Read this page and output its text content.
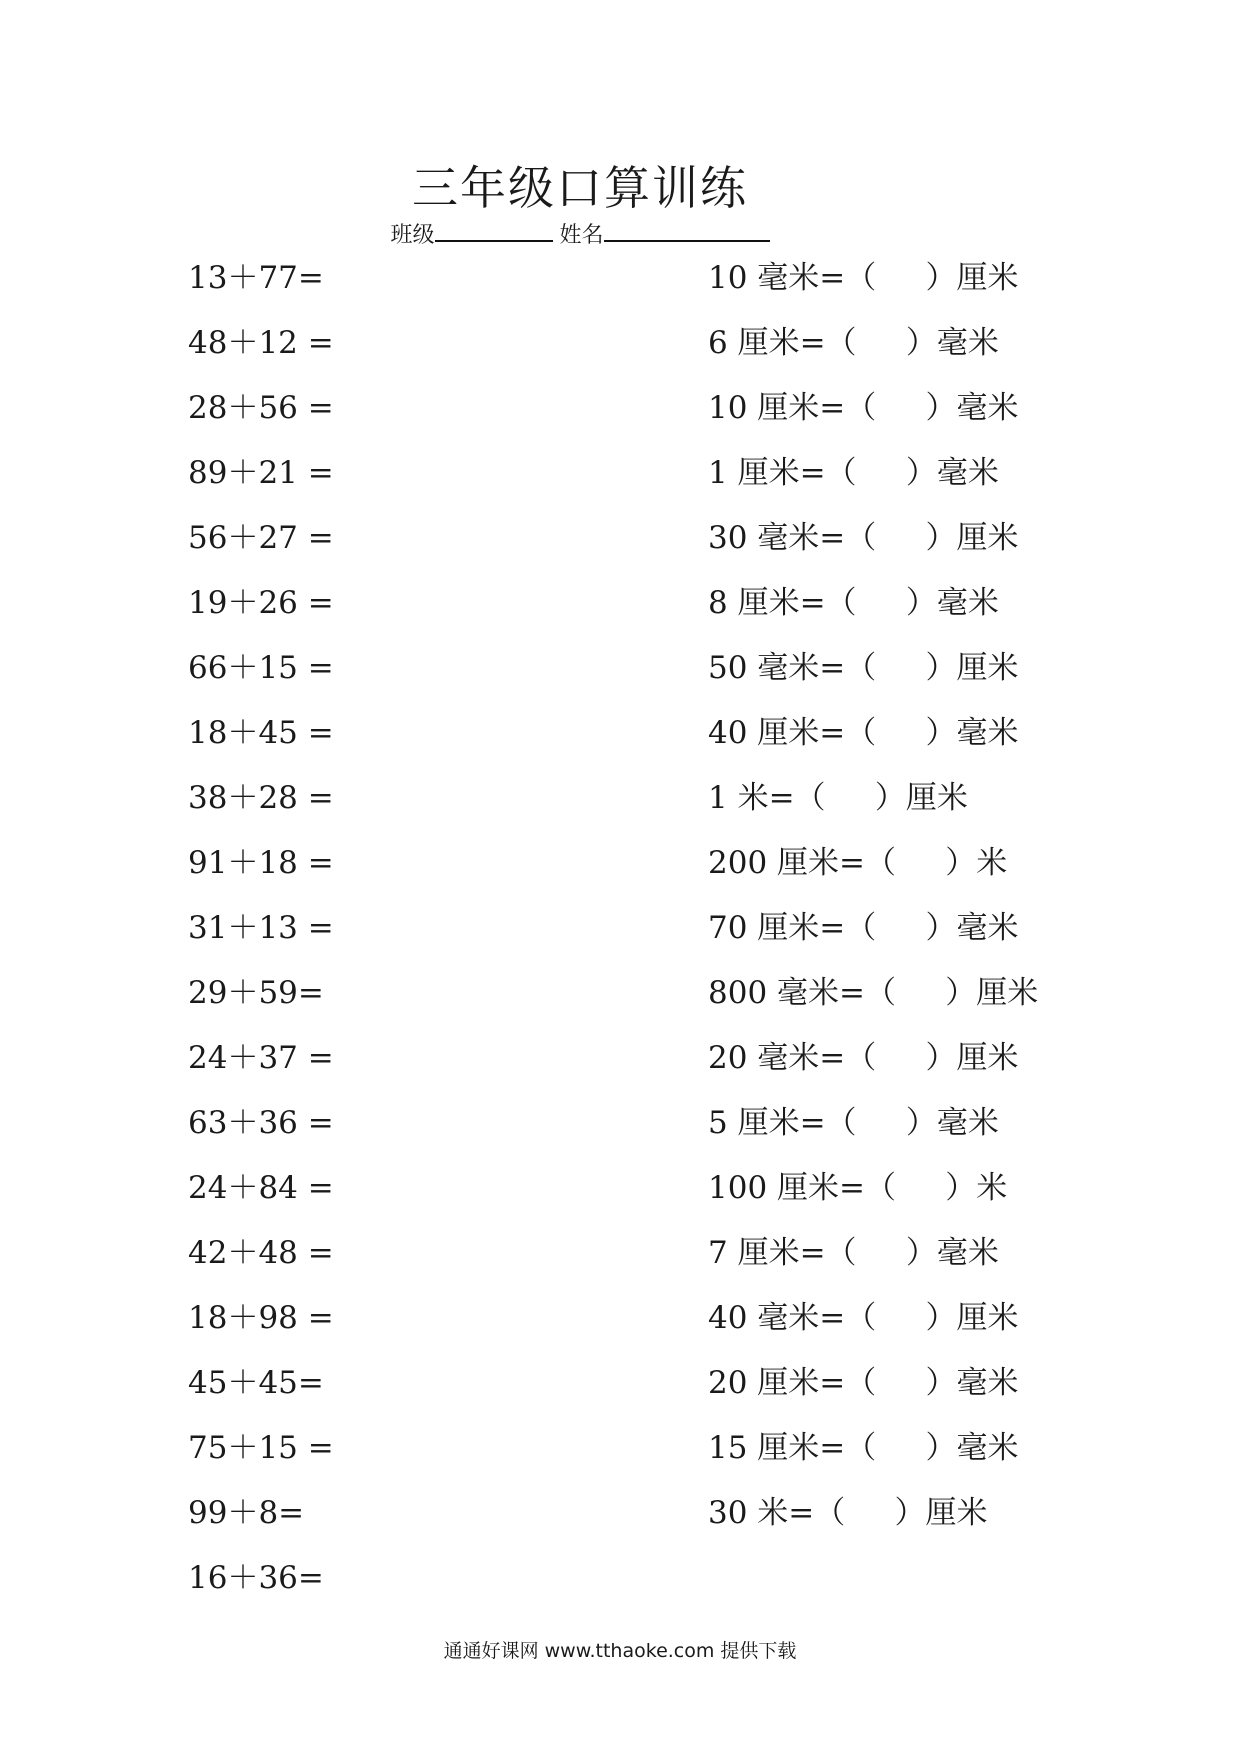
三年级口算训练
班级	姓名
13＋77=
48＋12 =
28＋56 =
89＋21 =
56＋27 =
19＋26 =
66＋15 =
18＋45 =
38＋28 =
91＋18 =
31＋13 =
29＋59=
24＋37 =
63＋36 =
24＋84 =
42＋48 =
18＋98 =
45＋45=
75＋15 =
99＋8=
16＋36=
10 毫米=（     ）厘米
6 厘米=（     ）毫米
10 厘米=（     ）毫米
1 厘米=（     ）毫米
30 毫米=（     ）厘米
8 厘米=（     ）毫米
50 毫米=（     ）厘米
40 厘米=（     ）毫米
1 米=（     ）厘米
200 厘米=（     ）米
70 厘米=（     ）毫米
800 毫米=（     ）厘米
20 毫米=（     ）厘米
5 厘米=（     ）毫米
100 厘米=（     ）米
7 厘米=（     ）毫米
40 毫米=（     ）厘米
20 厘米=（     ）毫米
15 厘米=（     ）毫米
30 米=（     ）厘米
通通好课网 www.tthaoke.com 提供下载
